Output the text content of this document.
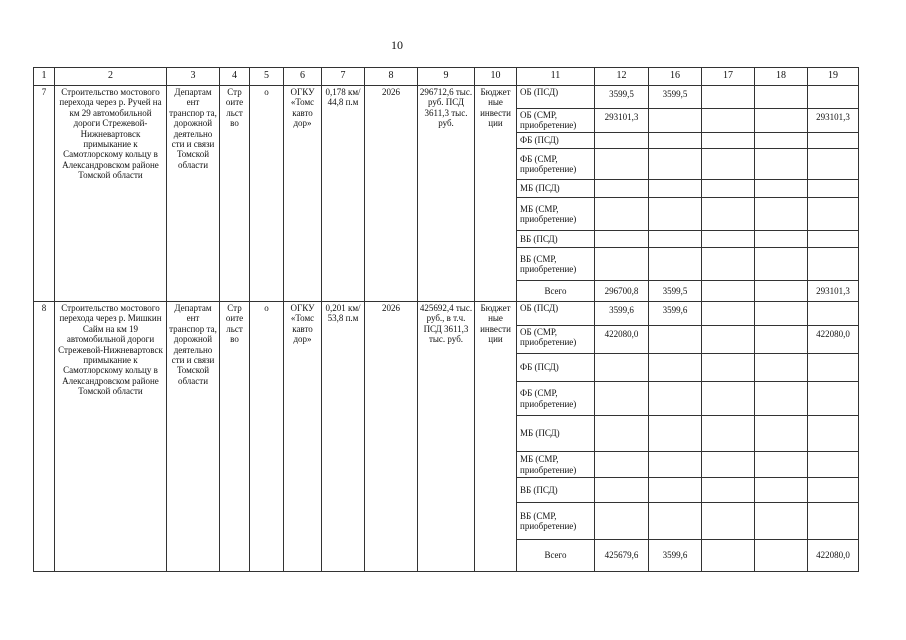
10
1	2	3	4	5	6	7	8	9	10	11	12	16	17	18	19
7	Строительство мостового перехода через р. Ручей на км 29 автомобильной дороги Стрежевой-Нижневартовск примыкание к Самотлорскому кольцу в Александровском районе Томской области	Департам ент транспор та, дорожной деятельно сти и связи Томской области	Стр оите льст во	о	ОГКУ «Томс кавто дор»	0,178 км/ 44,8 п.м	2026	296712,6 тыс. руб. ПСД 3611,3 тыс. руб.	Бюджет ные инвести ции	ОБ (ПСД)	3599,5	3599,5			
										ОБ (СМР, приобретение)	293101,3				293101,3
										ФБ (ПСД)					
										ФБ (СМР, приобретение)					
										МБ (ПСД)					
										МБ (СМР, приобретение)					
										ВБ (ПСД)					
										ВБ (СМР, приобретение)					
										Всего	296700,8	3599,5			293101,3
8	Строительство мостового перехода через р. Мишкин Сайм на км 19 автомобильной дороги Стрежевой-Нижневартовск примыкание к Самотлорскому кольцу в Александровском районе Томской области	Департам ент транспор та, дорожной деятельно сти и связи Томской области	Стр оите льст во	о	ОГКУ «Томс кавто дор»	0,201 км/ 53,8 п.м	2026	425692,4 тыс. руб., в т.ч. ПСД 3611,3 тыс. руб.	Бюджет ные инвести ции	ОБ (ПСД)	3599,6	3599,6			
										ОБ (СМР, приобретение)	422080,0				422080,0
										ФБ (ПСД)					
										ФБ (СМР, приобретение)					
										МБ (ПСД)					
										МБ (СМР, приобретение)					
										ВБ (ПСД)					
										ВБ (СМР, приобретение)					
										Всего	425679,6	3599,6			422080,0
